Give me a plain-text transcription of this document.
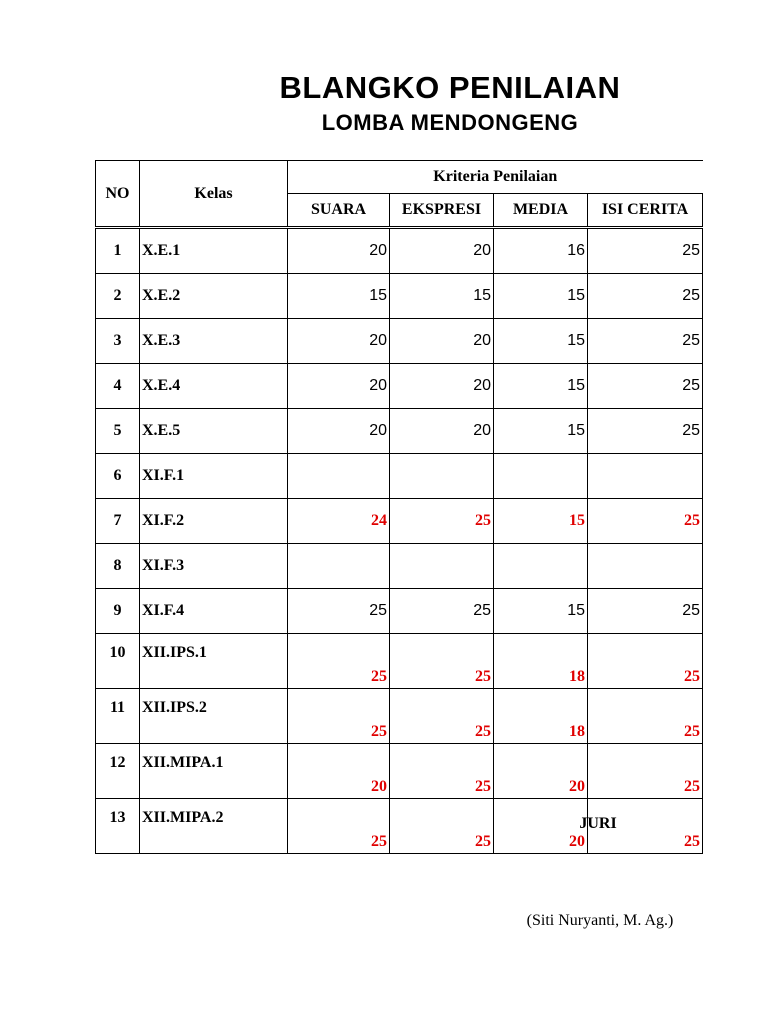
BLANGKO PENILAIAN
LOMBA MENDONGENG
NO	Kelas	Kriteria Penilaian			
		SUARA	EKSPRESI	MEDIA	ISI CERITA
1	X.E.1	20	20	16	25
2	X.E.2	15	15	15	25
3	X.E.3	20	20	15	25
4	X.E.4	20	20	15	25
5	X.E.5	20	20	15	25
6	XI.F.1				
7	XI.F.2	24	25	15	25
8	XI.F.3				
9	XI.F.4	25	25	15	25
10	XII.IPS.1	25	25	18	25
11	XII.IPS.2	25	25	18	25
12	XII.MIPA.1	20	25	20	25
13	XII.MIPA.2	25	25	20	25
JURI
(Siti Nuryanti, M. Ag.)
